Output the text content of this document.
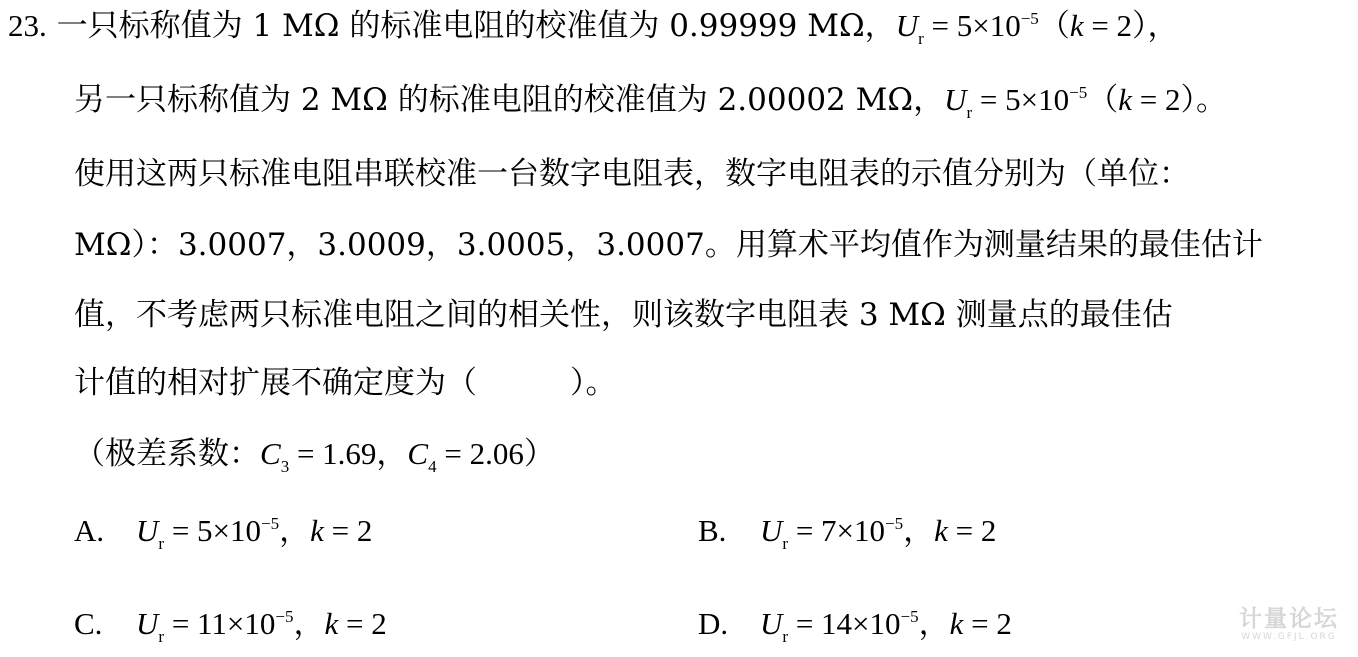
23. 一只标称值为 1 MΩ 的标准电阻的校准值为 0.99999 MΩ，$U_r = 5\times 10^{-5}(k = 2)$，
另一只标称值为 2 MΩ 的标准电阻的校准值为 2.00002 MΩ，$U_r = 5\times 10^{-5}(k = 2)$。
使用这两只标准电阻串联校准一台数字电阻表，数字电阻表的示值分别为（单位：
MΩ）：3.0007，3.0009，3.0005，3.0007。用算术平均值作为测量结果的最佳估计
值，不考虑两只标准电阻之间的相关性，则该数字电阻表 3 MΩ 测量点的最佳估
计值的相对扩展不确定度为（　　　）。
（极差系数：$C_3 = 1.69$，$C_4 = 2.06$）
A. $U_r = 5\times 10^{-5}$，k = 2	B. $U_r = 7\times 10^{-5}$，k = 2
C. $U_r = 11\times 10^{-5}$，k = 2	D. $U_r = 14\times 10^{-5}$，k = 2	计量论坛
WWW.GFJL.ORG
